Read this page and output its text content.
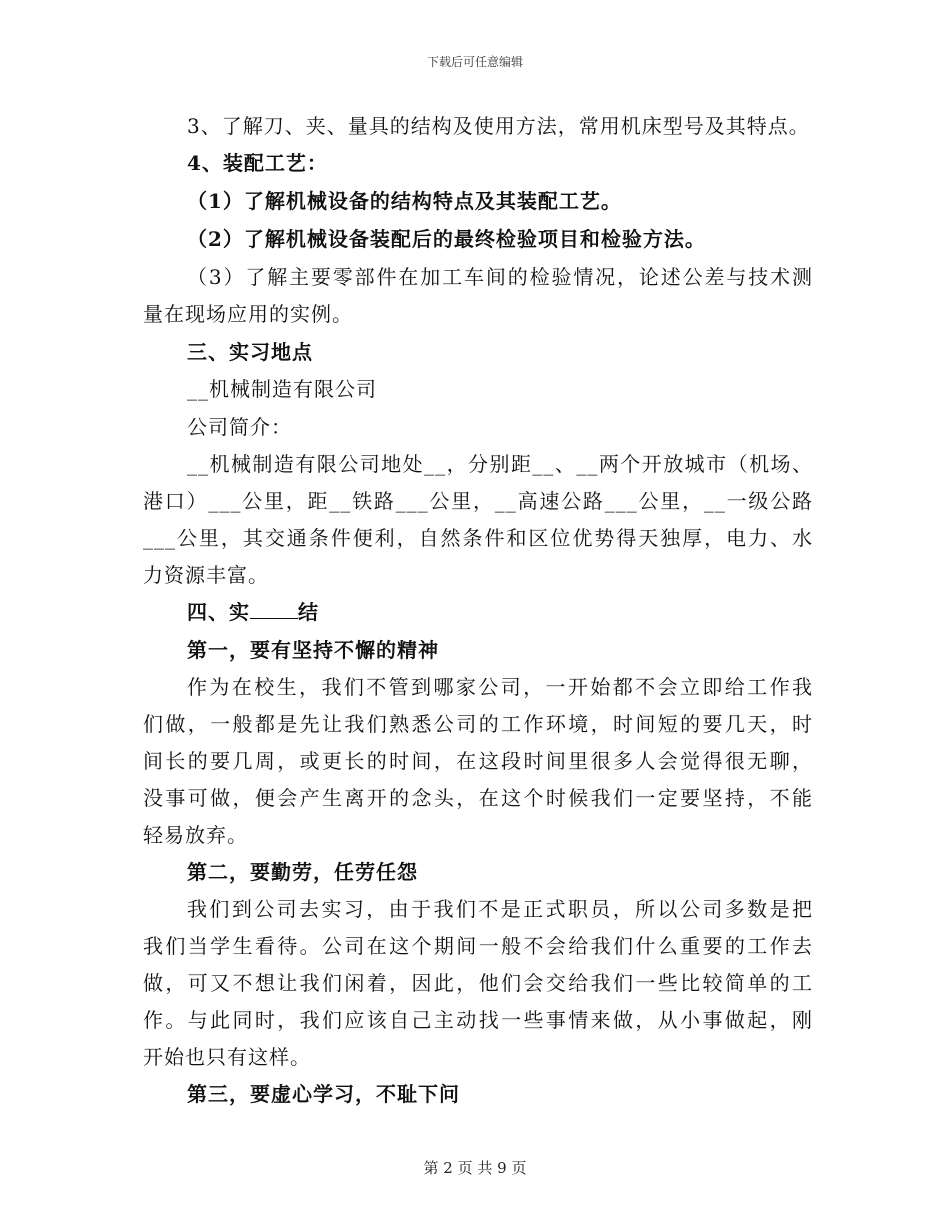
下载后可任意编辑
3、了解刀、夹、量具的结构及使用方法，常用机床型号及其特点。
4、装配工艺：
（1）了解机械设备的结构特点及其装配工艺。
（2）了解机械设备装配后的最终检验项目和检验方法。
（3）了解主要零部件在加工车间的检验情况，论述公差与技术测
量在现场应用的实例。
三、实习地点
__机械制造有限公司
公司简介：
__机械制造有限公司地处__，分别距__、__两个开放城市（机场、
港口）___公里，距__铁路___公里，__高速公路___公里，__一级公路
___公里，其交通条件便利，自然条件和区位优势得天独厚，电力、水
力资源丰富。
四、实 结
第一，要有坚持不懈的精神
作为在校生，我们不管到哪家公司，一开始都不会立即给工作我
们做，一般都是先让我们熟悉公司的工作环境，时间短的要几天，时
间长的要几周，或更长的时间，在这段时间里很多人会觉得很无聊，
没事可做，便会产生离开的念头，在这个时候我们一定要坚持，不能
轻易放弃。
第二，要勤劳，任劳任怨
我们到公司去实习，由于我们不是正式职员，所以公司多数是把
我们当学生看待。公司在这个期间一般不会给我们什么重要的工作去
做，可又不想让我们闲着，因此，他们会交给我们一些比较简单的工
作。与此同时，我们应该自己主动找一些事情来做，从小事做起，刚
开始也只有这样。
第三，要虚心学习，不耻下问
第 2 页 共 9 页
